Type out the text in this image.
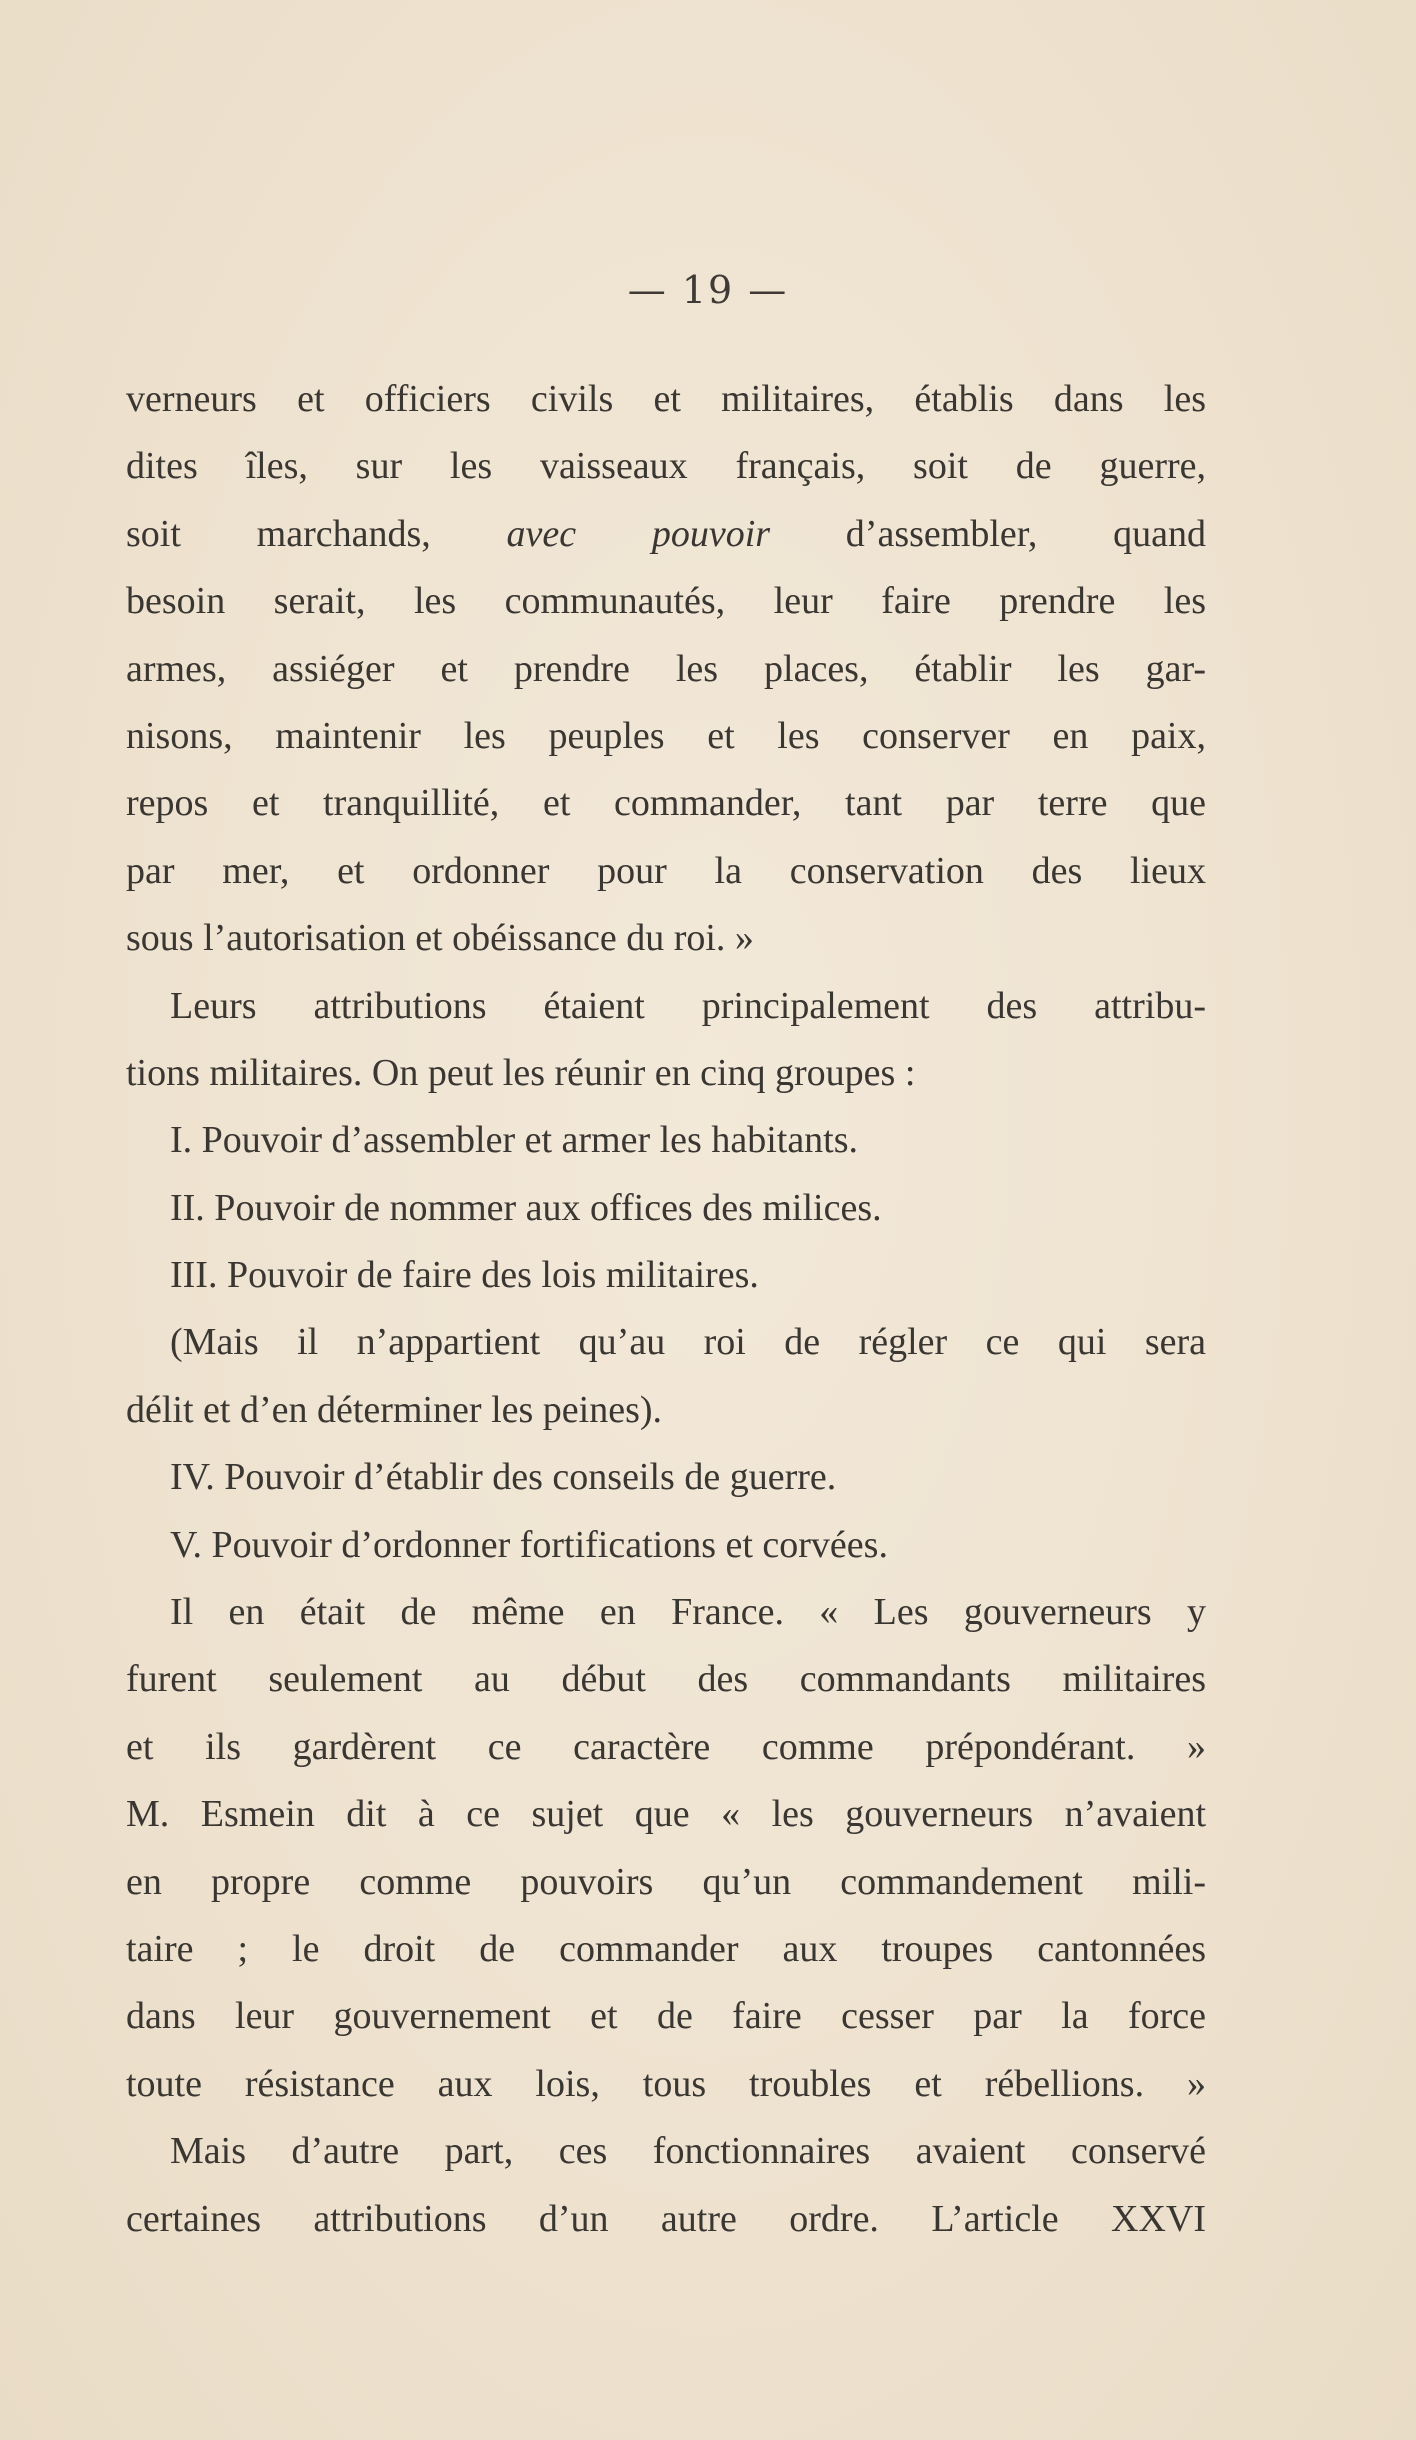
— 19 —
verneurs et officiers civils et militaires, établis dans les
dites îles, sur les vaisseaux français, soit de guerre,
soit marchands, avec pouvoir d’assembler, quand
besoin serait, les communautés, leur faire prendre les
armes, assiéger et prendre les places, établir les gar-
nisons, maintenir les peuples et les conserver en paix,
repos et tranquillité, et commander, tant par terre que
par mer, et ordonner pour la conservation des lieux
sous l’autorisation et obéissance du roi. »
Leurs attributions étaient principalement des attribu-
tions militaires. On peut les réunir en cinq groupes :
I. Pouvoir d’assembler et armer les habitants.
II. Pouvoir de nommer aux offices des milices.
III. Pouvoir de faire des lois militaires.
(Mais il n’appartient qu’au roi de régler ce qui sera
délit et d’en déterminer les peines).
IV. Pouvoir d’établir des conseils de guerre.
V. Pouvoir d’ordonner fortifications et corvées.
Il en était de même en France. « Les gouverneurs y
furent seulement au début des commandants militaires
et ils gardèrent ce caractère comme prépondérant. »
M. Esmein dit à ce sujet que « les gouverneurs n’avaient
en propre comme pouvoirs qu’un commandement mili-
taire ; le droit de commander aux troupes cantonnées
dans leur gouvernement et de faire cesser par la force
toute résistance aux lois, tous troubles et rébellions. »
Mais d’autre part, ces fonctionnaires avaient conservé
certaines attributions d’un autre ordre. L’article XXVI
